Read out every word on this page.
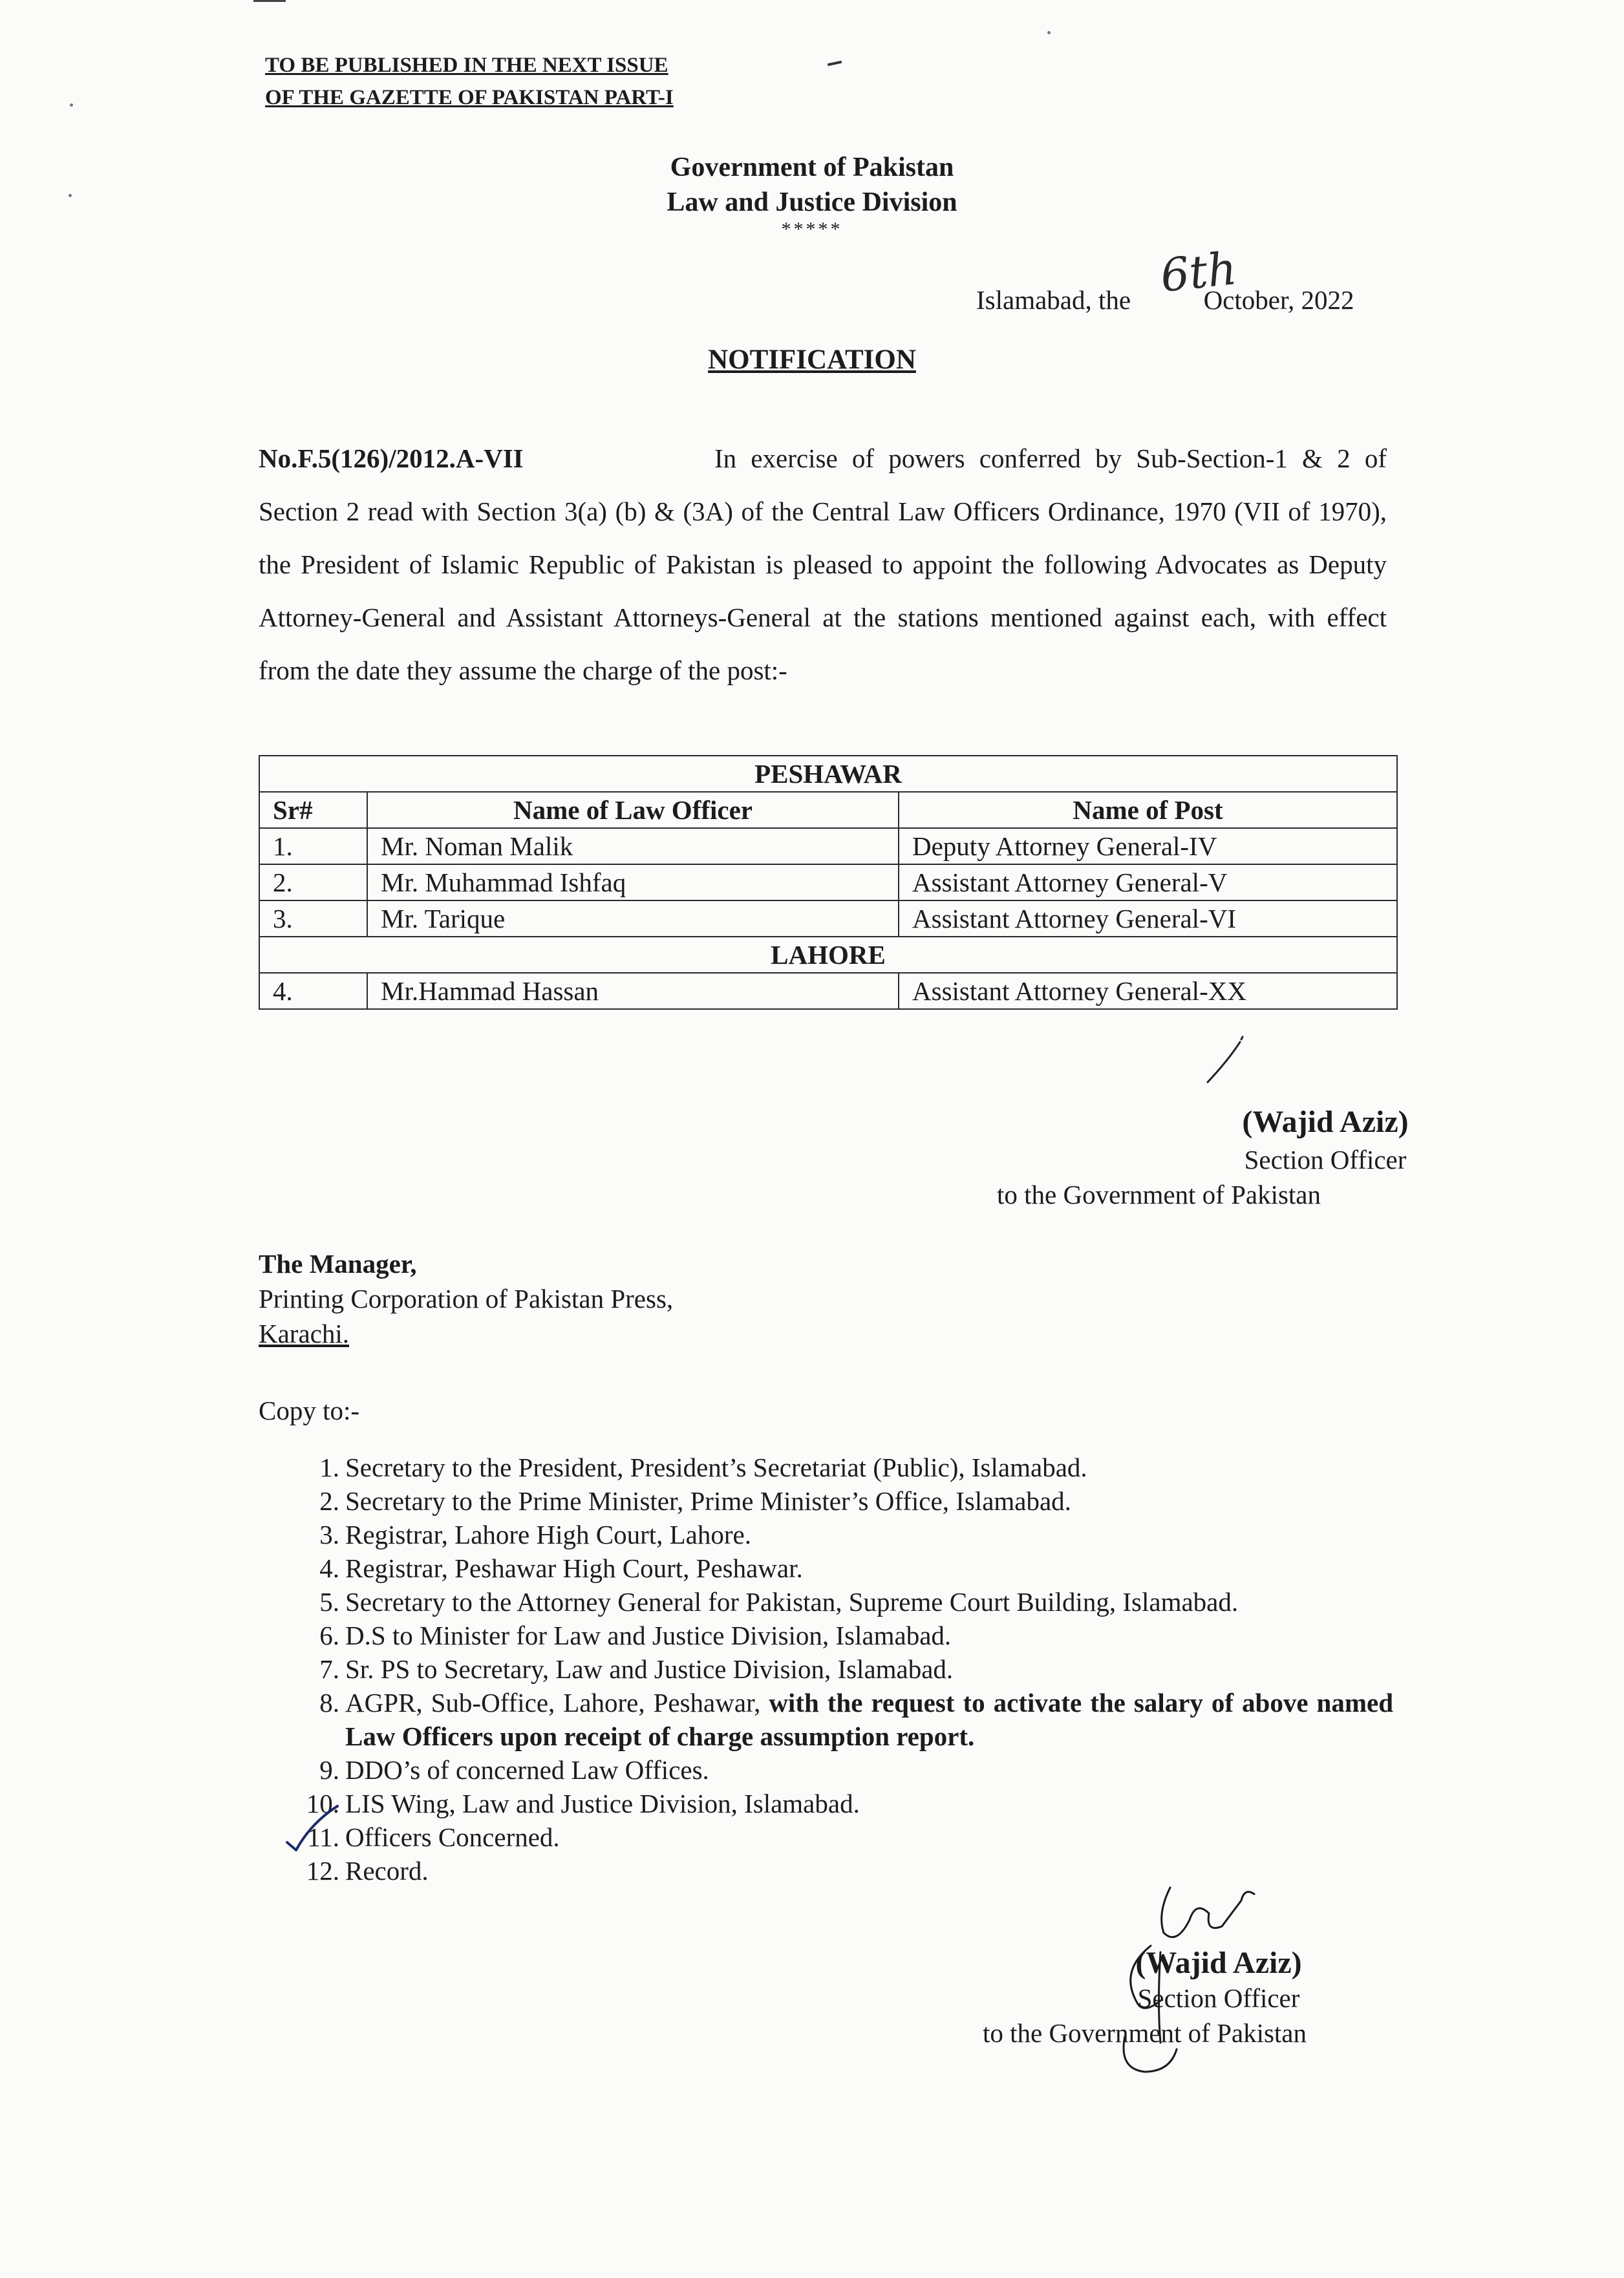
TO BE PUBLISHED IN THE NEXT ISSUE
OF THE GAZETTE OF PAKISTAN PART-I
Government of Pakistan
Law and Justice Division
*****
Islamabad, the	October, 2022
6th
NOTIFICATION
No.F.5(126)/2012.A-VII	In exercise of powers conferred by Sub-Section-1 & 2 of Section 2 read with Section 3(a) (b) & (3A) of the Central Law Officers Ordinance, 1970 (VII of 1970), the President of Islamic Republic of Pakistan is pleased to appoint the following Advocates as Deputy Attorney-General and Assistant Attorneys-General at the stations mentioned against each, with effect from the date they assume the charge of the post:-
PESHAWAR		
Sr#	Name of Law Officer	Name of Post
1.	Mr. Noman Malik	Deputy Attorney General-IV
2.	Mr. Muhammad Ishfaq	Assistant Attorney General-V
3.	Mr. Tarique	Assistant Attorney General-VI
LAHORE		
4.	Mr.Hammad Hassan	Assistant Attorney General-XX
(Wajid Aziz)
Section Officer
to the Government of Pakistan
The Manager,
Printing Corporation of Pakistan Press,
Karachi.
Copy to:-
1. Secretary to the President, President’s Secretariat (Public), Islamabad.
2. Secretary to the Prime Minister, Prime Minister’s Office, Islamabad.
3. Registrar, Lahore High Court, Lahore.
4. Registrar, Peshawar High Court, Peshawar.
5. Secretary to the Attorney General for Pakistan, Supreme Court Building, Islamabad.
6. D.S to Minister for Law and Justice Division, Islamabad.
7. Sr. PS to Secretary, Law and Justice Division, Islamabad.
8. AGPR, Sub-Office, Lahore, Peshawar, with the request to activate the salary of above named Law Officers upon receipt of charge assumption report.
9. DDO’s of concerned Law Offices.
10. LIS Wing, Law and Justice Division, Islamabad.
11. Officers Concerned.
12. Record.
(Wajid Aziz)
Section Officer
to the Government of Pakistan
